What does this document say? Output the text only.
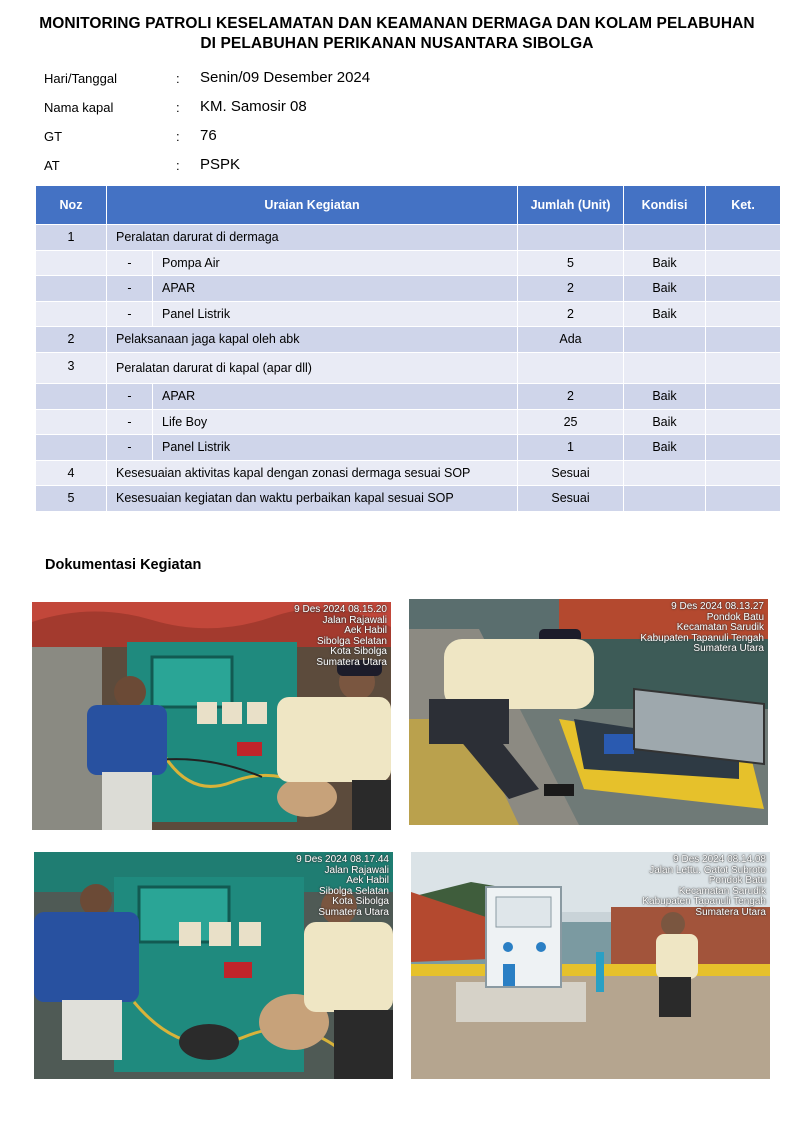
MONITORING PATROLI KESELAMATAN DAN KEAMANAN DERMAGA DAN KOLAM PELABUHAN
DI PELABUHAN PERIKANAN NUSANTARA SIBOLGA
Hari/Tanggal	: Senin/09 Desember 2024
Nama kapal	: KM. Samosir 08
GT	: 76
AT	: PSPK
Noz	Uraian Kegiatan		Jumlah (Unit)	Kondisi	Ket.
1	Peralatan darurat di dermaga				
	-	Pompa Air	5	Baik	
	-	APAR	2	Baik	
	-	Panel Listrik	2	Baik	
2	Pelaksanaan jaga kapal oleh abk		Ada		
3	Peralatan darurat di kapal (apar dll)				
	-	APAR	2	Baik	
	-	Life Boy	25	Baik	
	-	Panel Listrik	1	Baik	
4	Kesesuaian aktivitas kapal dengan zonasi dermaga sesuai SOP		Sesuai		
5	Kesesuaian kegiatan dan waktu perbaikan kapal sesuai SOP		Sesuai		
Dokumentasi Kegiatan
9 Des 2024 08.15.20
Jalan Rajawali
Aek Habil
Sibolga Selatan
Kota Sibolga
Sumatera Utara
9 Des 2024 08.13.27
Pondok Batu
Kecamatan Sarudik
Kabupaten Tapanuli Tengah
Sumatera Utara
9 Des 2024 08.17.44
Jalan Rajawali
Aek Habil
Sibolga Selatan
Kota Sibolga
Sumatera Utara
9 Des 2024 08.14.08
Jalan Lettu. Gatot Subroto
Pondok Batu
Kecamatan Sarudik
Kabupaten Tapanuli Tengah
Sumatera Utara
